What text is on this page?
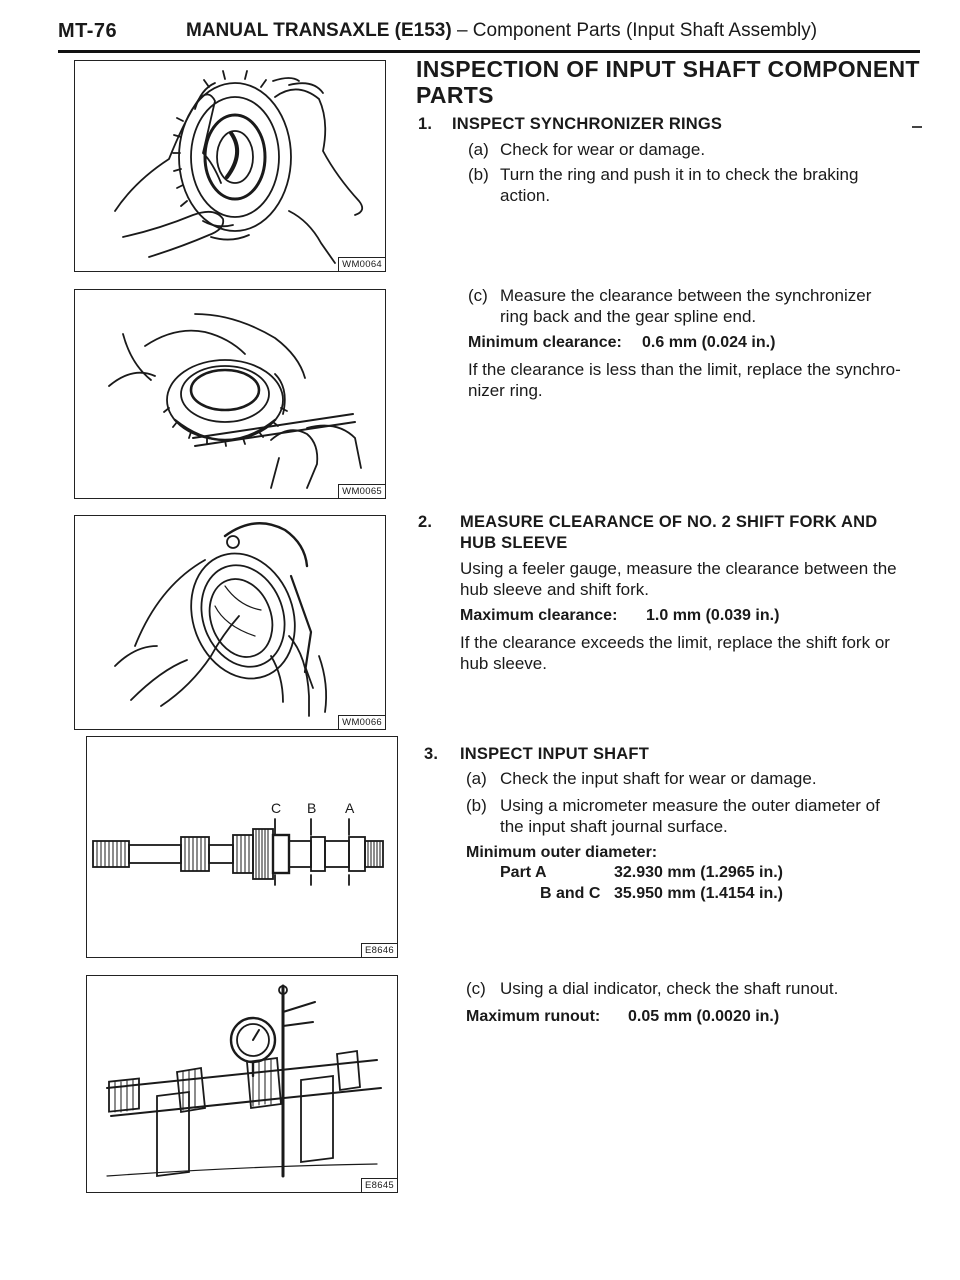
MT-76	MANUAL TRANSAXLE (E153) – Component Parts (Input Shaft Assembly)
WM0064
WM0065
WM0066
C B A
E8646
E8645
INSPECTION OF INPUT SHAFT COMPONENT
PARTS
1. INSPECT SYNCHRONIZER RINGS
(a) Check for wear or damage.
(b) Turn the ring and push it in to check the braking
action.
(c) Measure the clearance between the synchronizer
ring back and the gear spline end.
Minimum clearance: 0.6 mm (0.024 in.)
If the clearance is less than the limit, replace the synchro-
nizer ring.
2. MEASURE CLEARANCE OF NO. 2 SHIFT FORK AND
HUB SLEEVE
Using a feeler gauge, measure the clearance between the
hub sleeve and shift fork.
Maximum clearance: 1.0 mm (0.039 in.)
If the clearance exceeds the limit, replace the shift fork or
hub sleeve.
3. INSPECT INPUT SHAFT
(a) Check the input shaft for wear or damage.
(b) Using a micrometer measure the outer diameter of
the input shaft journal surface.
Minimum outer diameter:
Part A	32.930 mm (1.2965 in.)
B and C 35.950 mm (1.4154 in.)
(c) Using a dial indicator, check the shaft runout.
Maximum runout: 0.05 mm (0.0020 in.)
